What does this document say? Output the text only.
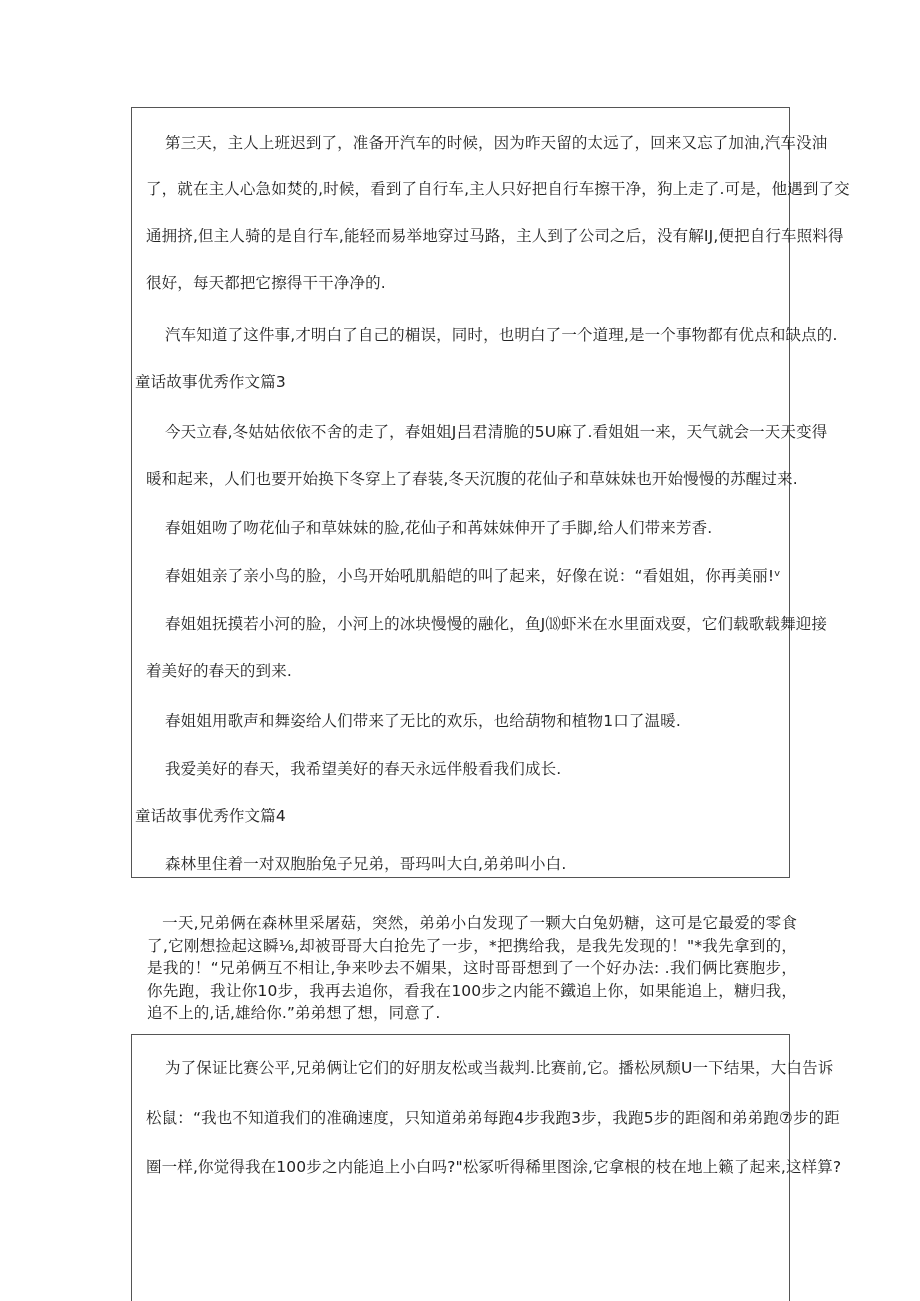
第三天，主人上班迟到了，准备开汽车的时候，因为昨天留的太远了，回来又忘了加油,汽车没油
了，就在主人心急如焚的,时候，看到了自行车,主人只好把自行车擦干净，狗上走了.可是，他遇到了交
通拥挤,但主人骑的是自行车,能轻而易举地穿过马路，主人到了公司之后，没有解IJ,便把自行车照料得
很好，每天都把它擦得干干净净的.
汽车知道了这件事,才明白了自己的楣误，同时，也明白了一个道理,是一个事物都有优点和缺点的.
童话故事优秀作文篇3
今天立春,冬姑姑依依不舍的走了，春姐姐J吕君清脆的5U麻了.看姐姐一来，天气就会一天天变得
暖和起来，人们也要开始换下冬穿上了春装,冬天沉腹的花仙子和草妹妹也开始慢慢的苏醒过来.
春姐姐吻了吻花仙子和草妹妹的脸,花仙子和苒妹妹伸开了手脚,给人们带来芳香.
春姐姐亲了亲小鸟的脸，小鸟开始吼肌船皑的叫了起来，好像在说：“看姐姐，你再美丽!ᵛ
春姐姐抚摸若小河的脸，小河上的冰块慢慢的融化，鱼J⒅虾米在水里面戏耍，它们载歌载舞迎接
着美好的春天的到来.
春姐姐用歌声和舞姿给人们带来了无比的欢乐，也给葫物和植物1口了温暖.
我爱美好的春天，我希望美好的春天永远伴般看我们成长.
童话故事优秀作文篇4
森林里住着一对双胞胎兔子兄弟，哥玛叫大白,弟弟叫小白.
一天,兄弟俩在森林里采屠菇，突然，弟弟小白发现了一颗大白兔奶糖，这可是它最爱的零食了,它刚想捡起这瞬⅛,却被哥哥大白抢先了一步，*把携给我，是我先发现的！"*我先拿到的，是我的！“兄弟俩互不相让,争来吵去不媚果，这时哥哥想到了一个好办法: .我们俩比赛胞步，你先跑，我让你10步，我再去追你，看我在100步之内能不鐵追上你，如果能追上，糖归我，追不上的,话,雄给你.”弟弟想了想，同意了.
为了保证比赛公平,兄弟俩让它们的好朋友松或当裁判.比赛前,它。播松夙颓U一下结果，大白告诉
松鼠：“我也不知道我们的准确速度，只知道弟弟每跑4步我跑3步，我跑5步的距阁和弟弟跑⑦步的距
圈一样,你觉得我在100步之内能追上小白吗?"松冢听得稀里图涂,它拿根的枝在地上籁了起来,这样算?
